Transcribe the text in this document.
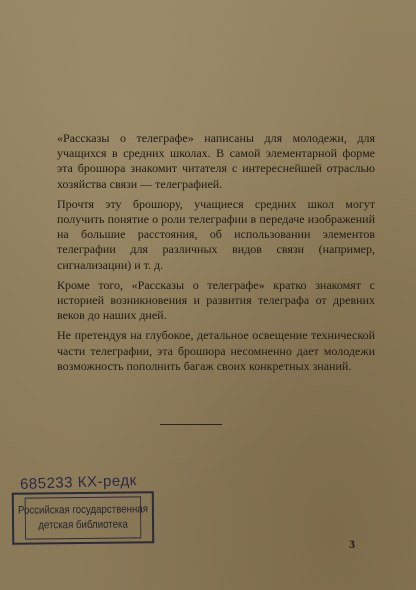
«Рассказы о телеграфе» написаны для молодежи, для учащихся в средних школах. В самой элементарной форме эта брошюра знакомит читателя с интереснейшей отраслью хозяйства связи — телеграфией.

Прочтя эту брошюру, учащиеся средних школ могут получить понятие о роли телеграфии в передаче изображений на большие расстояния, об использовании элементов телеграфии для различных видов связи (например, сигнализации) и т. д.

Кроме того, «Рассказы о телеграфе» кратко знакомят с историей возникновения и развития телеграфа от древних веков до наших дней.

Не претендуя на глубокое, детальное освещение технической части телеграфии, эта брошюра несомненно дает молодежи возможность пополнить багаж своих конкретных знаний.

685233 КХ-редк
Российская государственная
детская библиотека
3
